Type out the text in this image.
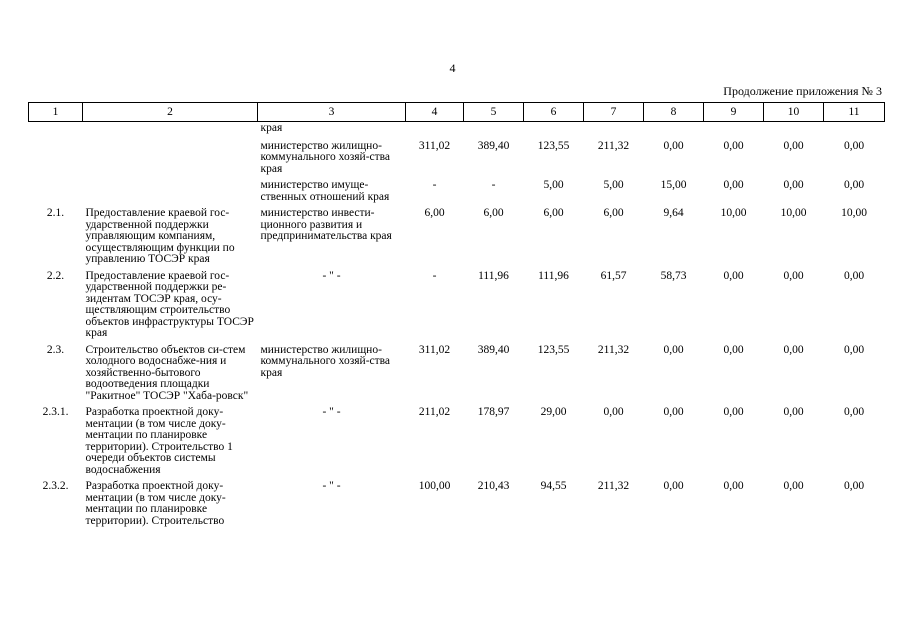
4
Продолжение приложения № 3
1	2	3	4	5	6	7	8	9	10	11
		края								
		министерство жилищно-коммунального хозяй-ства края	311,02	389,40	123,55	211,32	0,00	0,00	0,00	0,00
		министерство имуще-ственных отношений края	-	-	5,00	5,00	15,00	0,00	0,00	0,00
2.1.	Предоставление краевой гос-ударственной поддержки управляющим компаниям, осуществляющим функции по управлению ТОСЭР края	министерство инвести-ционного развития и предпринимательства края	6,00	6,00	6,00	6,00	9,64	10,00	10,00	10,00
2.2.	Предоставление краевой гос-ударственной поддержки ре-зидентам ТОСЭР края, осу-ществляющим строительство объектов инфраструктуры ТОСЭР края	- " -	-	111,96	111,96	61,57	58,73	0,00	0,00	0,00
2.3.	Строительство объектов си-стем холодного водоснабже-ния и хозяйственно-бытового водоотведения площадки "Ракитное" ТОСЭР "Хаба-ровск"	министерство жилищно-коммунального хозяй-ства края	311,02	389,40	123,55	211,32	0,00	0,00	0,00	0,00
2.3.1.	Разработка проектной доку-ментации (в том числе доку-ментации по планировке территории). Строительство 1 очереди объектов системы водоснабжения	- " -	211,02	178,97	29,00	0,00	0,00	0,00	0,00	0,00
2.3.2.	Разработка проектной доку-ментации (в том числе доку-ментации по планировке территории). Строительство	- " -	100,00	210,43	94,55	211,32	0,00	0,00	0,00	0,00
